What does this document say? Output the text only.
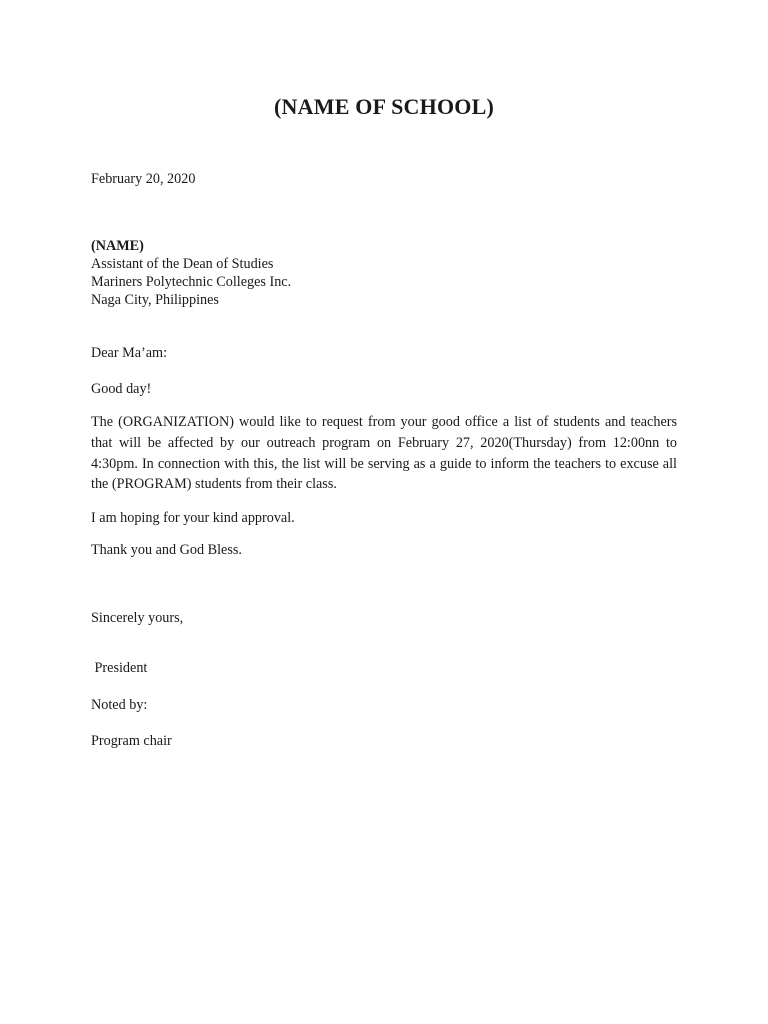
(NAME OF SCHOOL)

February 20, 2020

(NAME)

Assistant of the Dean of Studies

Mariners Polytechnic Colleges Inc.

Naga City, Philippines

Dear Ma’am:

Good day!

The (ORGANIZATION) would like to request from your good office a list of students and teachers that will be affected by our outreach program on February 27, 2020(Thursday) from 12:00nn to 4:30pm. In connection with this, the list will be serving as a guide to inform the teachers to excuse all the (PROGRAM) students from their class.

I am hoping for your kind approval.

Thank you and God Bless.

Sincerely yours,

President

Noted by:

Program chair
